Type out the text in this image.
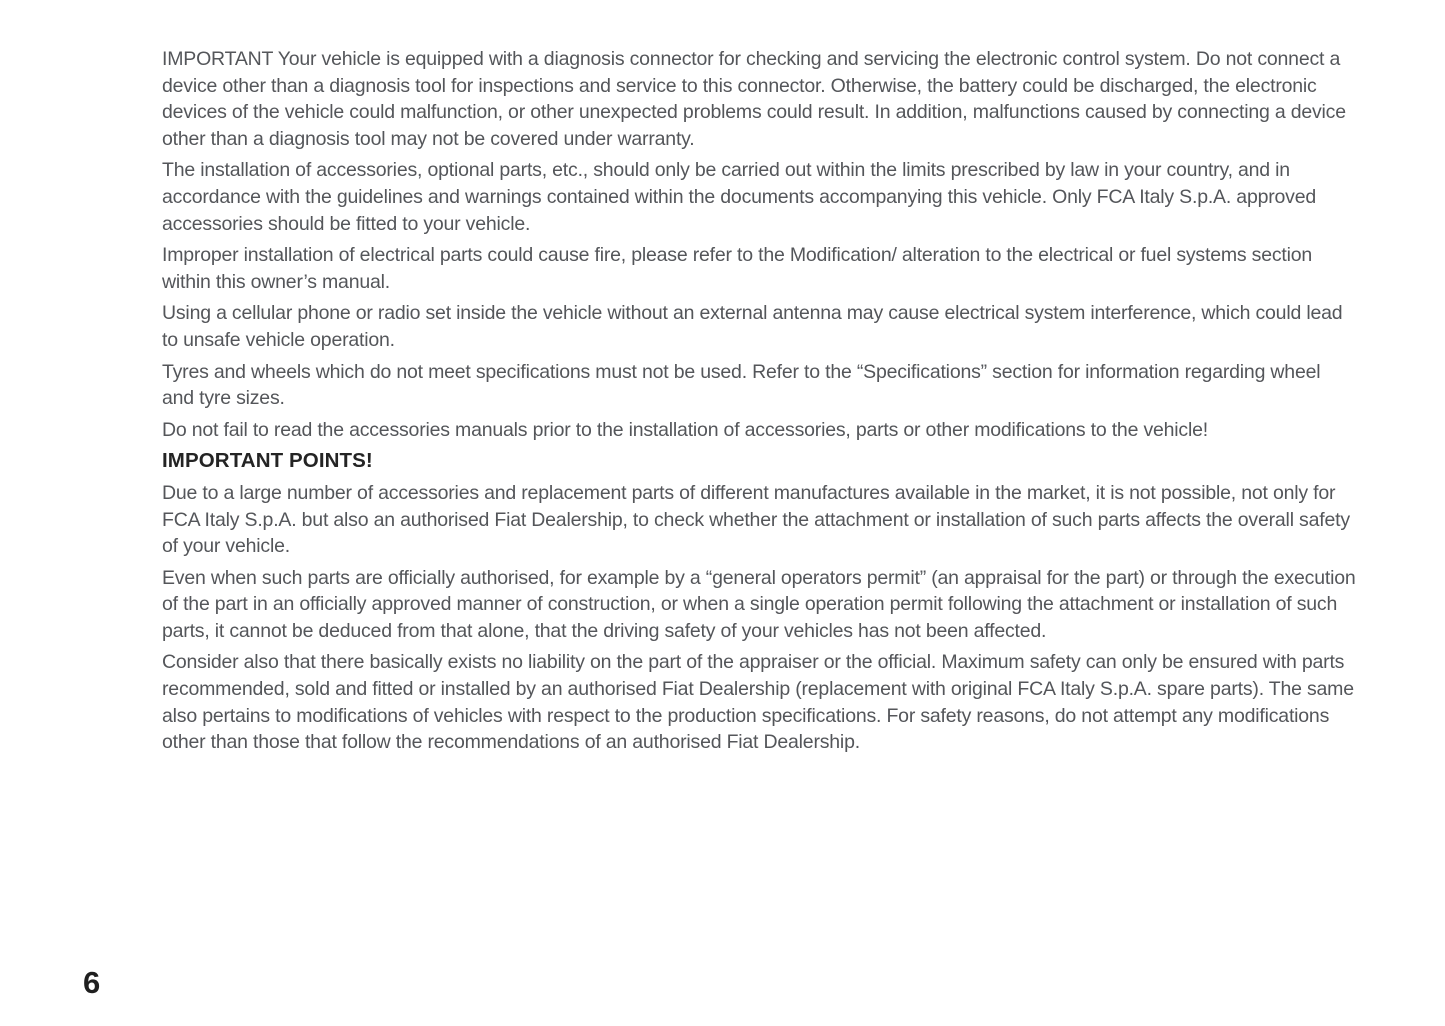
IMPORTANT Your vehicle is equipped with a diagnosis connector for checking and servicing the electronic control system. Do not connect a device other than a diagnosis tool for inspections and service to this connector. Otherwise, the battery could be discharged, the electronic devices of the vehicle could malfunction, or other unexpected problems could result. In addition, malfunctions caused by connecting a device other than a diagnosis tool may not be covered under warranty.

The installation of accessories, optional parts, etc., should only be carried out within the limits prescribed by law in your country, and in accordance with the guidelines and warnings contained within the documents accompanying this vehicle. Only FCA Italy S.p.A. approved accessories should be fitted to your vehicle.

Improper installation of electrical parts could cause fire, please refer to the Modification/ alteration to the electrical or fuel systems section within this owner’s manual.

Using a cellular phone or radio set inside the vehicle without an external antenna may cause electrical system interference, which could lead to unsafe vehicle operation.

Tyres and wheels which do not meet specifications must not be used. Refer to the “Specifications” section for information regarding wheel and tyre sizes.

Do not fail to read the accessories manuals prior to the installation of accessories, parts or other modifications to the vehicle!

IMPORTANT POINTS!

Due to a large number of accessories and replacement parts of different manufactures available in the market, it is not possible, not only for FCA Italy S.p.A. but also an authorised Fiat Dealership, to check whether the attachment or installation of such parts affects the overall safety of your vehicle.

Even when such parts are officially authorised, for example by a “general operators permit” (an appraisal for the part) or through the execution of the part in an officially approved manner of construction, or when a single operation permit following the attachment or installation of such parts, it cannot be deduced from that alone, that the driving safety of your vehicles has not been affected.

Consider also that there basically exists no liability on the part of the appraiser or the official. Maximum safety can only be ensured with parts recommended, sold and fitted or installed by an authorised Fiat Dealership (replacement with original FCA Italy S.p.A. spare parts). The same also pertains to modifications of vehicles with respect to the production specifications. For safety reasons, do not attempt any modifications other than those that follow the recommendations of an authorised Fiat Dealership.

6
